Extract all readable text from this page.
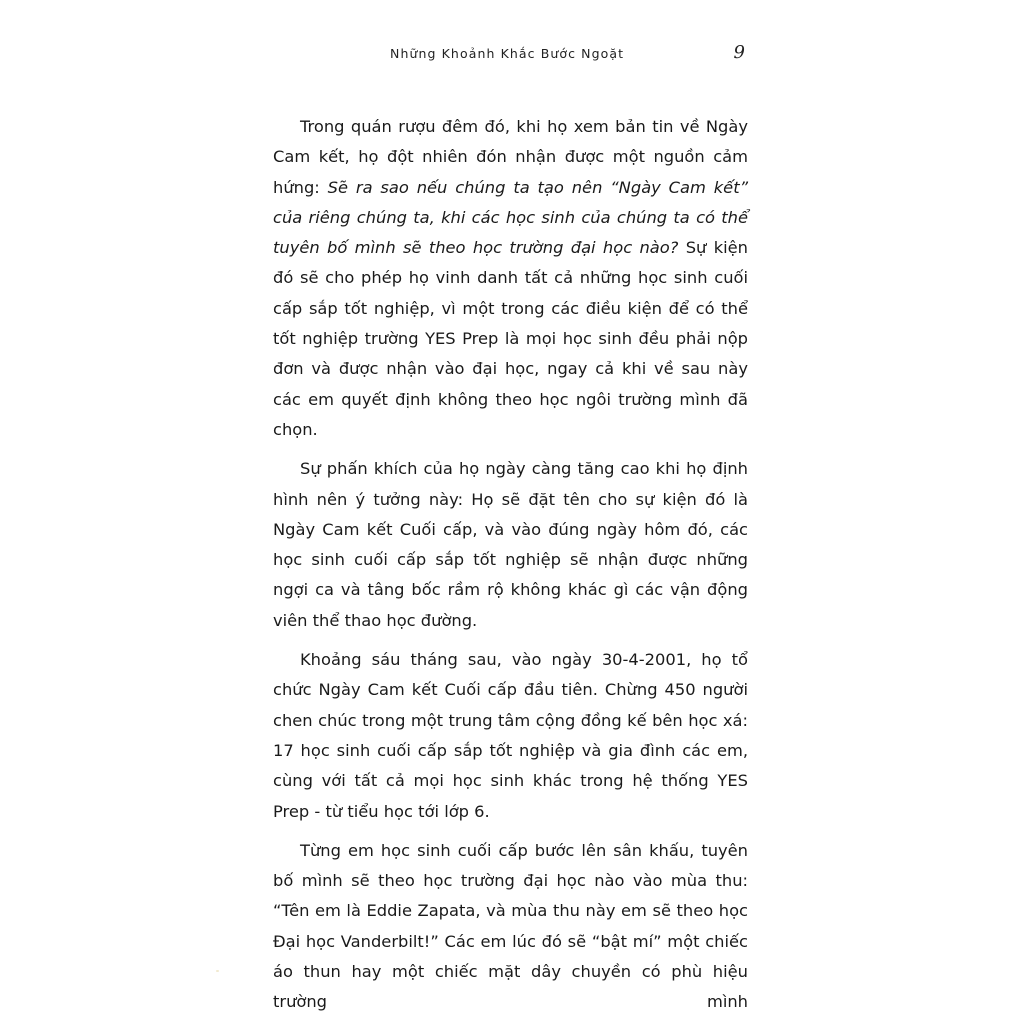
Những Khoảnh Khắc Bước Ngoặt	9

Trong quán rượu đêm đó, khi họ xem bản tin về Ngày Cam kết, họ đột nhiên đón nhận được một nguồn cảm hứng: Sẽ ra sao nếu chúng ta tạo nên “Ngày Cam kết” của riêng chúng ta, khi các học sinh của chúng ta có thể tuyên bố mình sẽ theo học trường đại học nào? Sự kiện đó sẽ cho phép họ vinh danh tất cả những học sinh cuối cấp sắp tốt nghiệp, vì một trong các điều kiện để có thể tốt nghiệp trường YES Prep là mọi học sinh đều phải nộp đơn và được nhận vào đại học, ngay cả khi về sau này các em quyết định không theo học ngôi trường mình đã chọn.

Sự phấn khích của họ ngày càng tăng cao khi họ định hình nên ý tưởng này: Họ sẽ đặt tên cho sự kiện đó là Ngày Cam kết Cuối cấp, và vào đúng ngày hôm đó, các học sinh cuối cấp sắp tốt nghiệp sẽ nhận được những ngợi ca và tâng bốc rầm rộ không khác gì các vận động viên thể thao học đường.

Khoảng sáu tháng sau, vào ngày 30-4-2001, họ tổ chức Ngày Cam kết Cuối cấp đầu tiên. Chừng 450 người chen chúc trong một trung tâm cộng đồng kế bên học xá: 17 học sinh cuối cấp sắp tốt nghiệp và gia đình các em, cùng với tất cả mọi học sinh khác trong hệ thống YES Prep - từ tiểu học tới lớp 6.

Từng em học sinh cuối cấp bước lên sân khấu, tuyên bố mình sẽ theo học trường đại học nào vào mùa thu: “Tên em là Eddie Zapata, và mùa thu này em sẽ theo học Đại học Vanderbilt!” Các em lúc đó sẽ “bật mí” một chiếc áo thun hay một chiếc mặt dây chuyền có phù hiệu trường mình
